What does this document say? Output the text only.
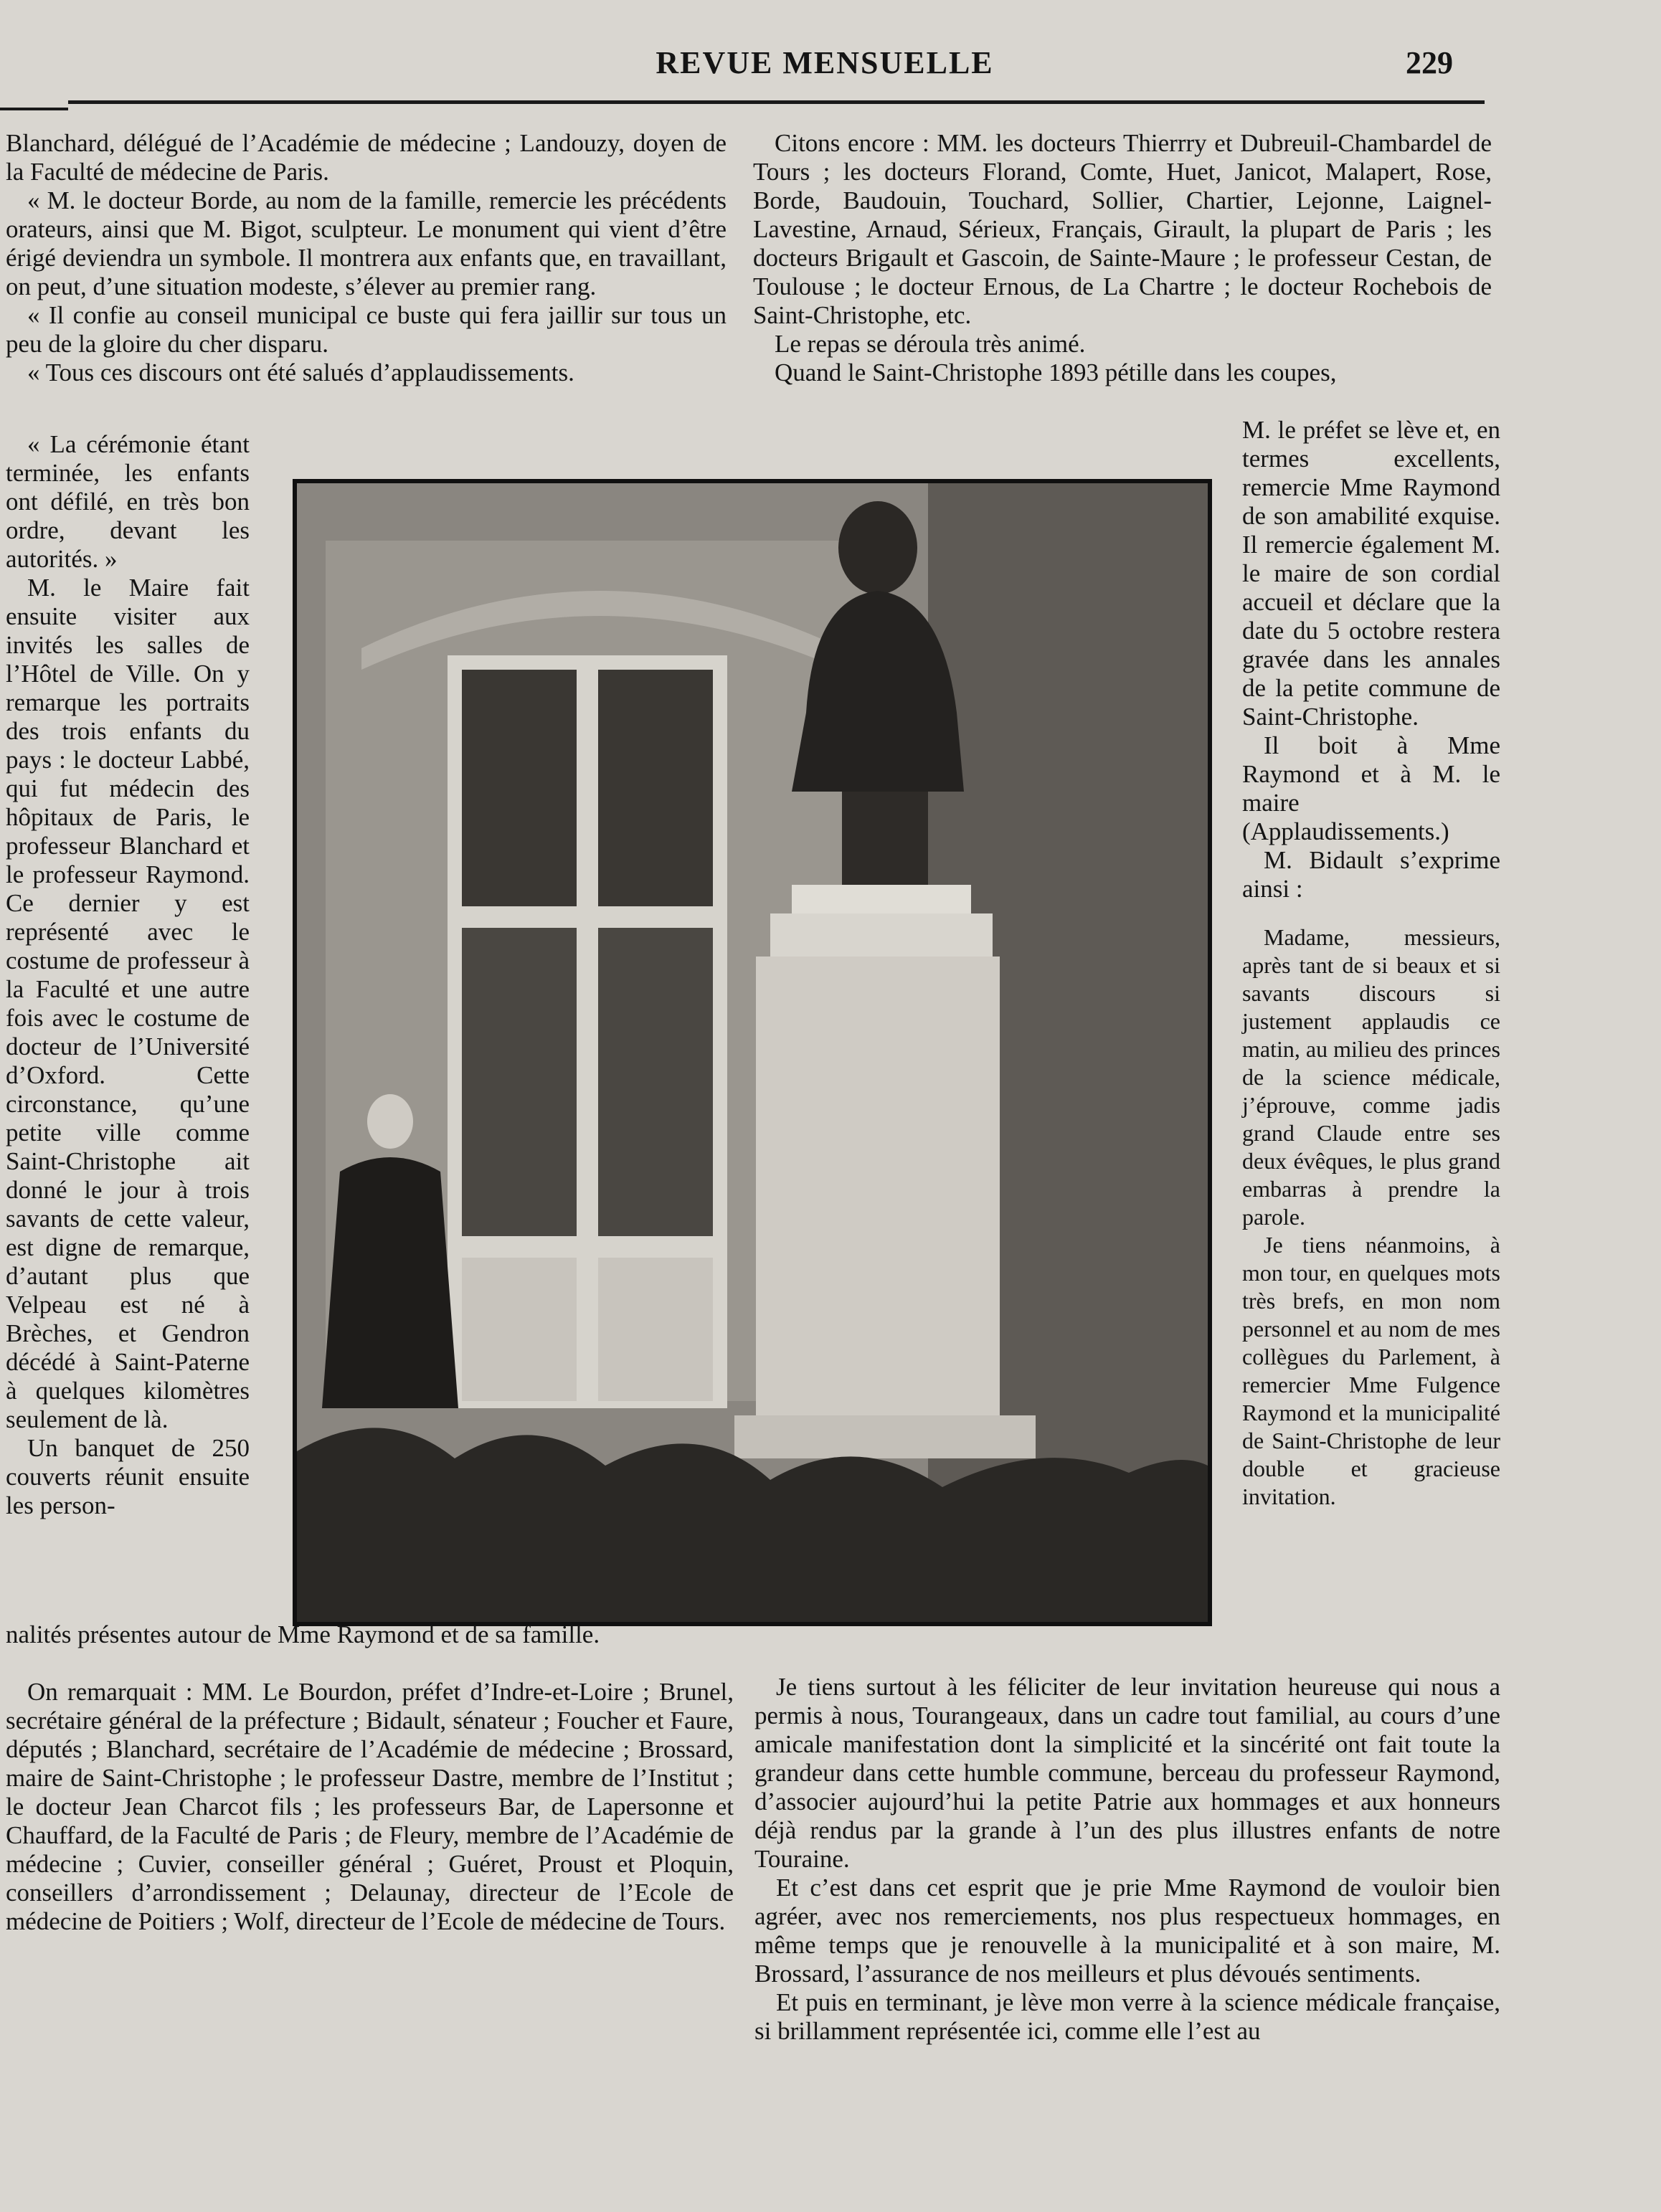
REVUE MENSUELLE	229

Blanchard, délégué de l’Académie de médecine ; Landouzy, doyen de la Faculté de médecine de Paris.

« M. le docteur Borde, au nom de la famille, remercie les précédents orateurs, ainsi que M. Bigot, sculpteur. Le monument qui vient d’être érigé deviendra un symbole. Il montrera aux enfants que, en travaillant, on peut, d’une situation modeste, s’élever au premier rang.

« Il confie au conseil municipal ce buste qui fera jaillir sur tous un peu de la gloire du cher disparu.

« Tous ces discours ont été salués d’applaudissements.

Citons encore : MM. les docteurs Thierrry et Dubreuil-Chambardel de Tours ; les docteurs Florand, Comte, Huet, Janicot, Malapert, Rose, Borde, Baudouin, Touchard, Sollier, Chartier, Lejonne, Laignel-Lavestine, Arnaud, Sérieux, Français, Girault, la plupart de Paris ; les docteurs Brigault et Gascoin, de Sainte-Maure ; le professeur Cestan, de Toulouse ; le docteur Ernous, de La Chartre ; le docteur Rochebois de Saint-Christophe, etc.

Le repas se déroula très animé.

Quand le Saint-Christophe 1893 pétille dans les coupes,

« La cérémonie étant terminée, les enfants ont défilé, en très bon ordre, devant les autorités. »

M. le Maire fait ensuite visiter aux invités les salles de l’Hôtel de Ville. On y remarque les portraits des trois enfants du pays : le docteur Labbé, qui fut médecin des hôpitaux de Paris, le professeur Blanchard et le professeur Raymond. Ce dernier y est représenté avec le costume de professeur à la Faculté et une autre fois avec le costume de docteur de l’Université d’Oxford. Cette circonstance, qu’une petite ville comme Saint-Christophe ait donné le jour à trois savants de cette valeur, est digne de remarque, d’autant plus que Velpeau est né à Brèches, et Gendron décédé à Saint-Paterne à quelques kilomètres seulement de là.

Un banquet de 250 couverts réunit ensuite les person-

M. le préfet se lève et, en termes excellents, remercie Mme Raymond de son amabilité exquise. Il remercie également M. le maire de son cordial accueil et déclare que la date du 5 octobre restera gravée dans les annales de la petite commune de Saint-Christophe.

Il boit à Mme Raymond et à M. le maire (Applaudissements.)

M. Bidault s’exprime ainsi :

Madame, messieurs, après tant de si beaux et si savants discours si justement applaudis ce matin, au milieu des princes de la science médicale, j’éprouve, comme jadis grand Claude entre ses deux évêques, le plus grand embarras à prendre la parole.

Je tiens néanmoins, à mon tour, en quelques mots très brefs, en mon nom personnel et au nom de mes collègues du Parlement, à remercier Mme Fulgence Raymond et la municipalité de Saint-Christophe de leur double et gracieuse invitation.

nalités présentes autour de Mme Raymond et de sa famille.

On remarquait : MM. Le Bourdon, préfet d’Indre-et-Loire ; Brunel, secrétaire général de la préfecture ; Bidault, sénateur ; Foucher et Faure, députés ; Blanchard, secrétaire de l’Académie de médecine ; Brossard, maire de Saint-Christophe ; le professeur Dastre, membre de l’Institut ; le docteur Jean Charcot fils ; les professeurs Bar, de Lapersonne et Chauffard, de la Faculté de Paris ; de Fleury, membre de l’Académie de médecine ; Cuvier, conseiller général ; Guéret, Proust et Ploquin, conseillers d’arrondissement ; Delaunay, directeur de l’Ecole de médecine de Poitiers ; Wolf, directeur de l’Ecole de médecine de Tours.

Je tiens surtout à les féliciter de leur invitation heureuse qui nous a permis à nous, Tourangeaux, dans un cadre tout familial, au cours d’une amicale manifestation dont la simplicité et la sincérité ont fait toute la grandeur dans cette humble commune, berceau du professeur Raymond, d’associer aujourd’hui la petite Patrie aux hommages et aux honneurs déjà rendus par la grande à l’un des plus illustres enfants de notre Touraine.

Et c’est dans cet esprit que je prie Mme Raymond de vouloir bien agréer, avec nos remerciements, nos plus respectueux hommages, en même temps que je renouvelle à la municipalité et à son maire, M. Brossard, l’assurance de nos meilleurs et plus dévoués sentiments.

Et puis en terminant, je lève mon verre à la science médicale française, si brillamment représentée ici, comme elle l’est au
